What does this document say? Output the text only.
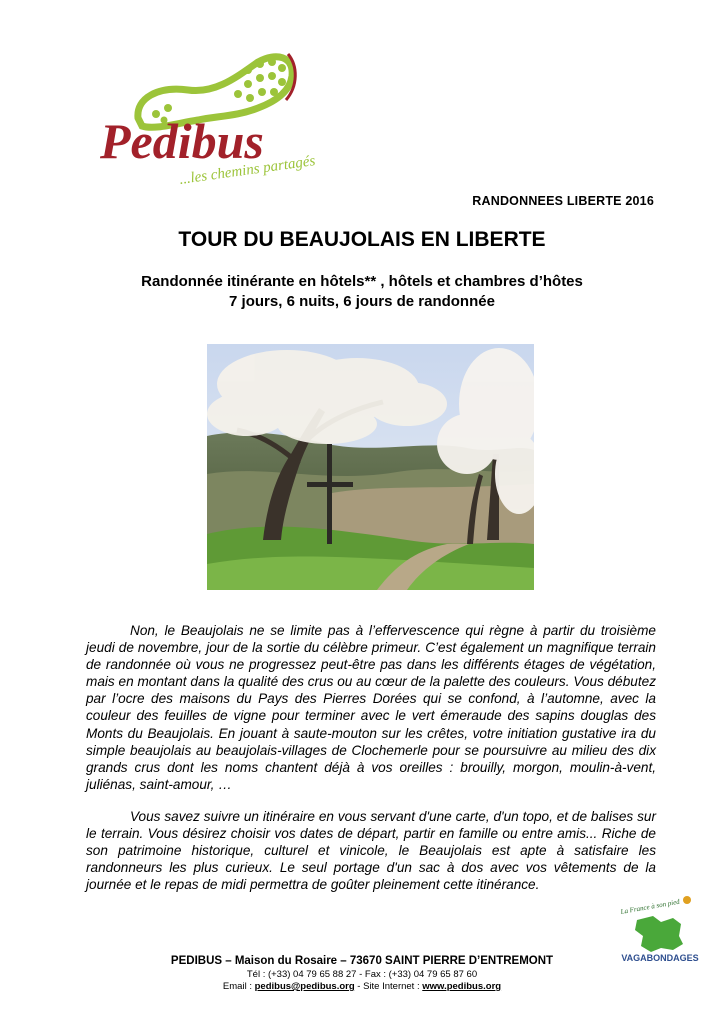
Pedibus
...les chemins partagés
RANDONNEES LIBERTE 2016
TOUR DU BEAUJOLAIS EN LIBERTE
Randonnée itinérante en hôtels** , hôtels et chambres d’hôtes
7 jours, 6 nuits, 6 jours de randonnée

Non, le Beaujolais ne se limite pas à l’effervescence qui règne à partir du troisième jeudi de novembre, jour de la sortie du célèbre primeur. C’est également un magnifique terrain de randonnée où vous ne progressez peut-être pas dans les différents étages de végétation, mais en montant dans la qualité des crus ou au cœur de la palette des couleurs. Vous débutez par l’ocre des maisons du Pays des Pierres Dorées qui se confond, à l’automne, avec la couleur des feuilles de vigne pour terminer avec le vert émeraude des sapins douglas des Monts du Beaujolais. En jouant à saute-mouton sur les crêtes, votre initiation gustative ira du simple beaujolais au beaujolais-villages de Clochemerle pour se poursuivre au milieu des dix grands crus dont les noms chantent déjà à vos oreilles : brouilly, morgon, moulin-à-vent, juliénas, saint-amour, …

Vous savez suivre un itinéraire en vous servant d'une carte, d'un topo, et de balises sur le terrain. Vous désirez choisir vos dates de départ, partir en famille ou entre amis... Riche de son patrimoine historique, culturel et vinicole, le Beaujolais est apte à satisfaire les randonneurs les plus curieux. Le seul portage d'un sac à dos avec vos vêtements de la journée et le repas de midi permettra de goûter pleinement cette itinérance.

La France à son pied
VAGABONDAGES
PEDIBUS – Maison du Rosaire – 73670 SAINT PIERRE D’ENTREMONT
Tél : (+33) 04 79 65 88 27 - Fax : (+33) 04 79 65 87 60
Email : pedibus@pedibus.org - Site Internet : www.pedibus.org
